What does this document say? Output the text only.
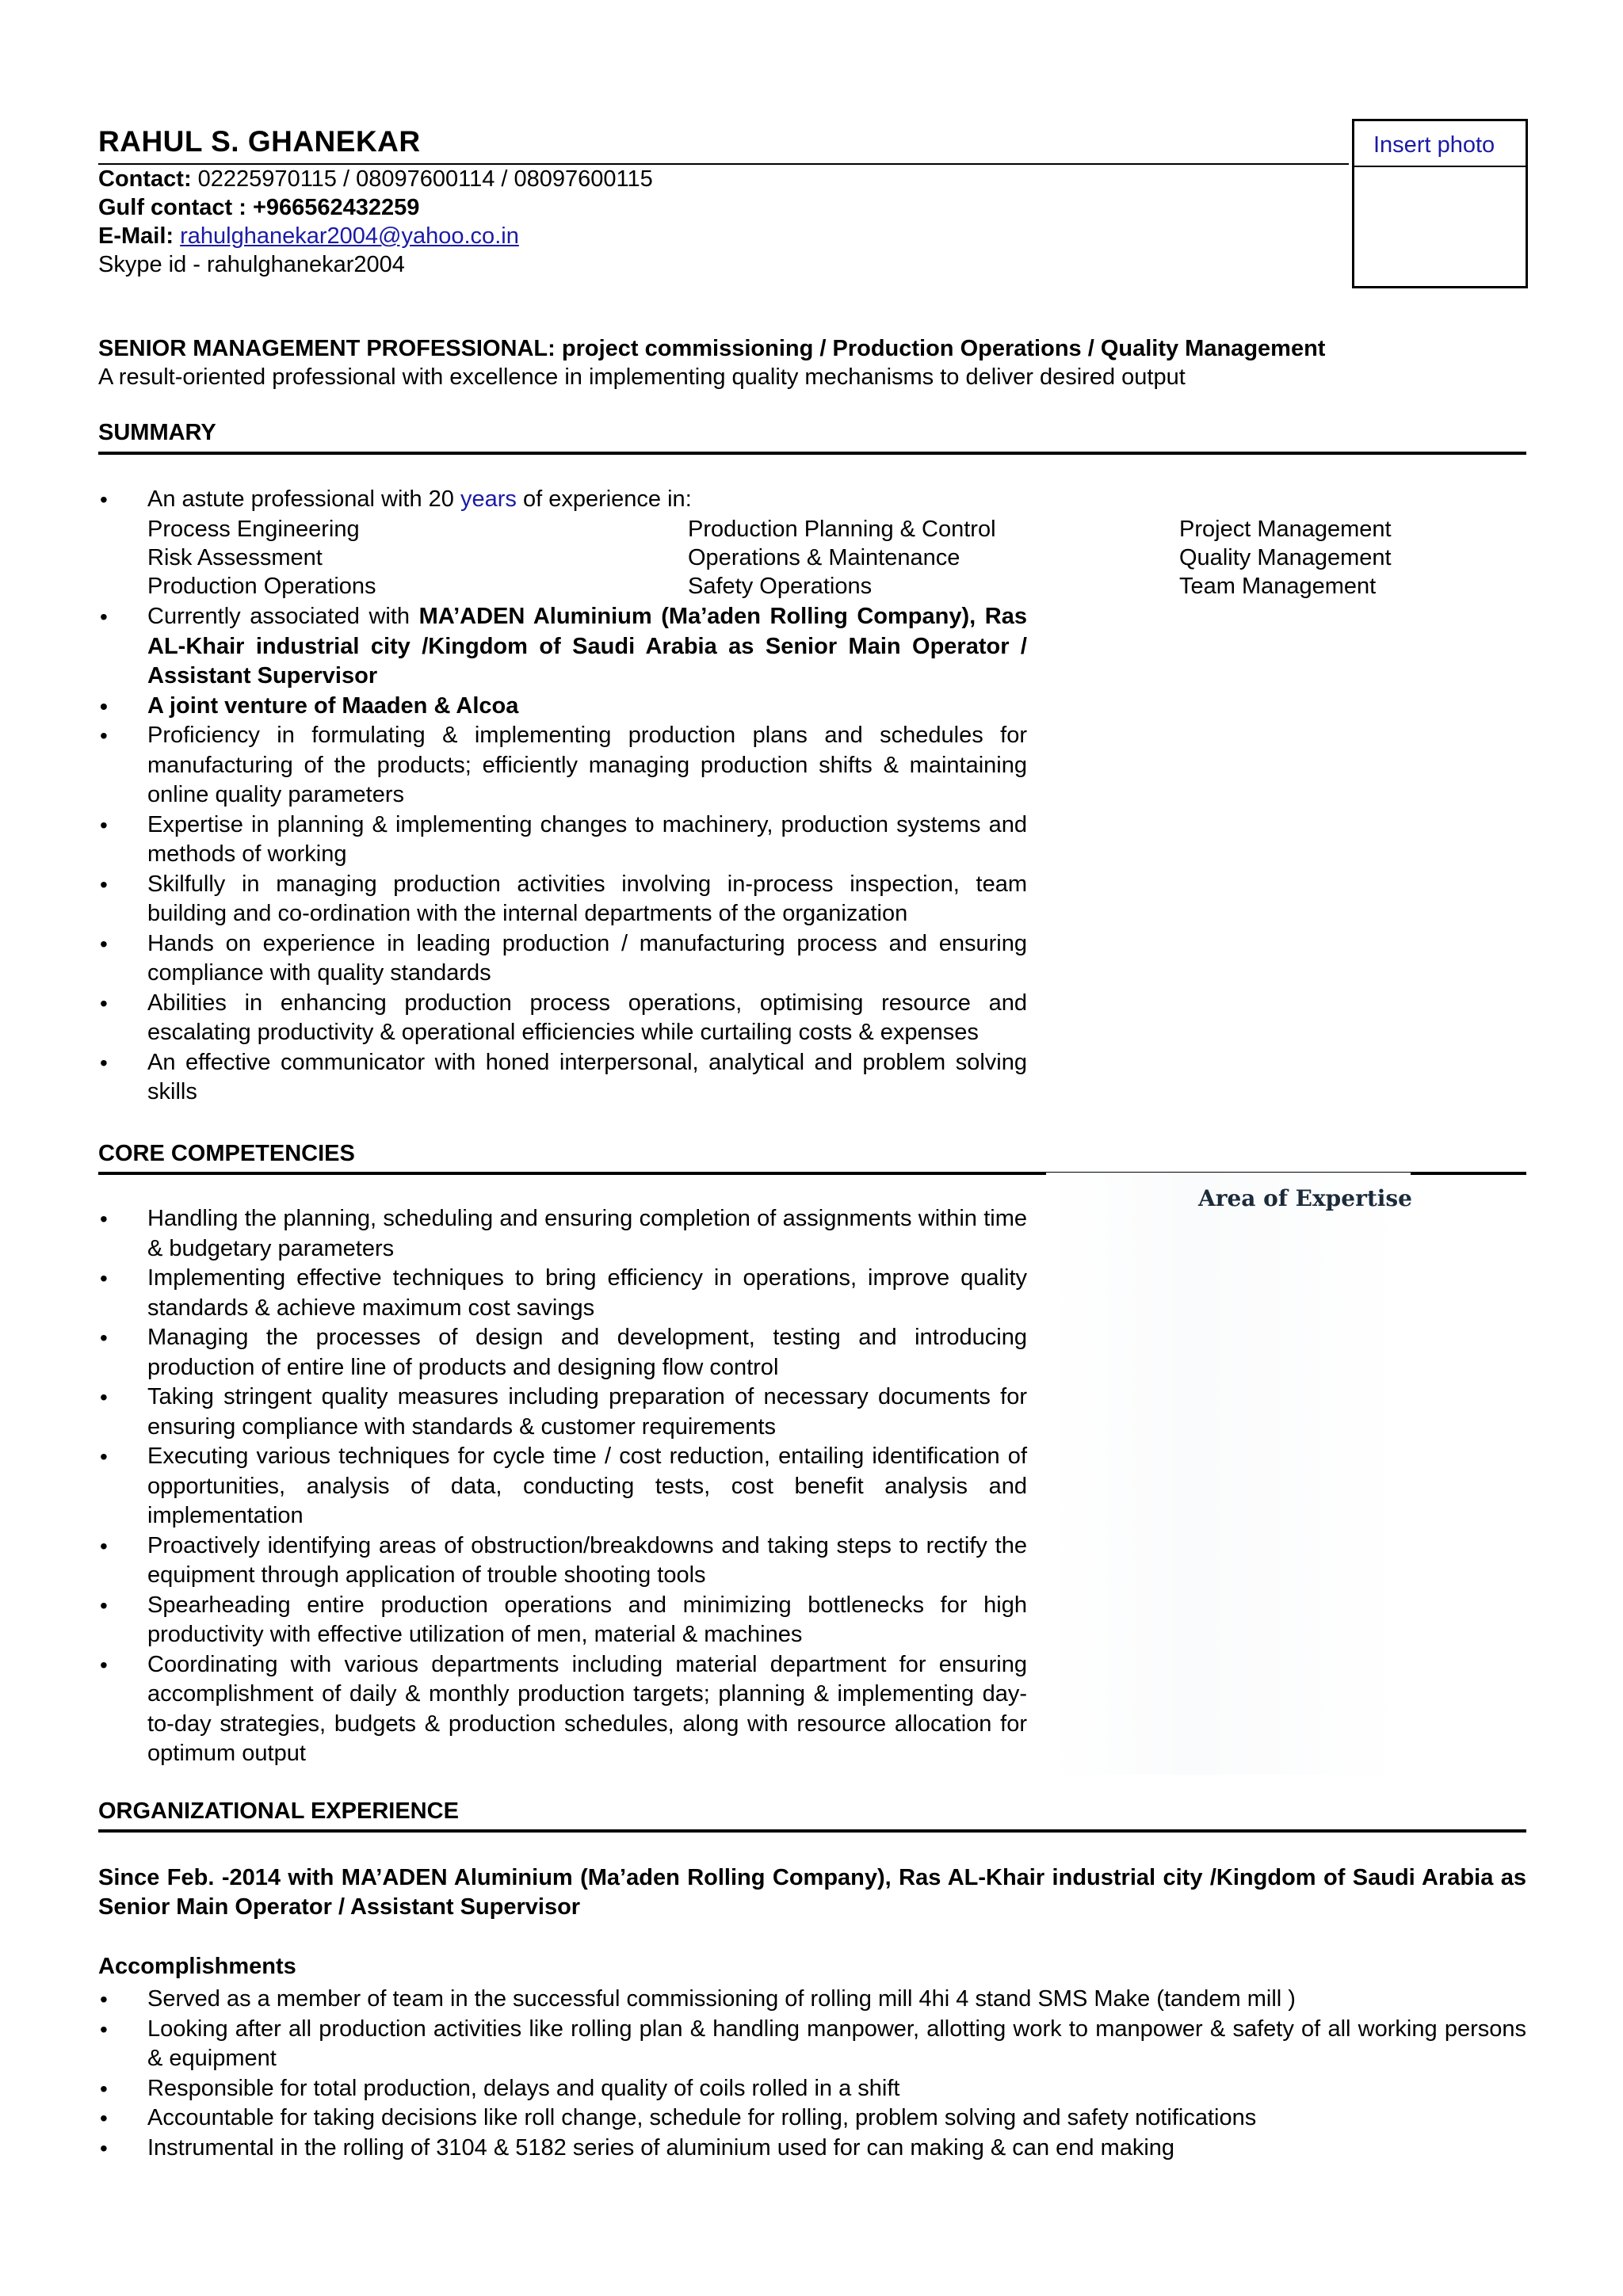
RAHUL S. GHANEKAR
Contact: 02225970115 / 08097600114 / 08097600115
Gulf contact : +966562432259
E-Mail: rahulghanekar2004@yahoo.co.in
Skype id - rahulghanekar2004
Insert photo
SENIOR MANAGEMENT PROFESSIONAL: project commissioning / Production Operations / Quality Management
A result-oriented professional with excellence in implementing quality mechanisms to deliver desired output
SUMMARY
• An astute professional with 20 years of experience in:
Process Engineering	Production Planning & Control	Project Management
Risk Assessment	Operations & Maintenance	Quality Management
Production Operations	Safety Operations	Team Management
• Currently associated with MA’ADEN Aluminium (Ma’aden Rolling Company), Ras AL-Khair industrial city /Kingdom of Saudi Arabia as Senior Main Operator / Assistant Supervisor
• A joint venture of Maaden & Alcoa
• Proficiency in formulating & implementing production plans and schedules for manufacturing of the products; efficiently managing production shifts & maintaining online quality parameters
• Expertise in planning & implementing changes to machinery, production systems and methods of working
• Skilfully in managing production activities involving in-process inspection, team building and co-ordination with the internal departments of the organization
• Hands on experience in leading production / manufacturing process and ensuring compliance with quality standards
• Abilities in enhancing production process operations, optimising resource and escalating productivity & operational efficiencies while curtailing costs & expenses
• An effective communicator with honed interpersonal, analytical and problem solving skills
CORE COMPETENCIES
Area of Expertise
• Handling the planning, scheduling and ensuring completion of assignments within time & budgetary parameters
• Implementing effective techniques to bring efficiency in operations, improve quality standards & achieve maximum cost savings
• Managing the processes of design and development, testing and introducing production of entire line of products and designing flow control
• Taking stringent quality measures including preparation of necessary documents for ensuring compliance with standards & customer requirements
• Executing various techniques for cycle time / cost reduction, entailing identification of opportunities, analysis of data, conducting tests, cost benefit analysis and implementation
• Proactively identifying areas of obstruction/breakdowns and taking steps to rectify the equipment through application of trouble shooting tools
• Spearheading entire production operations and minimizing bottlenecks for high productivity with effective utilization of men, material & machines
• Coordinating with various departments including material department for ensuring accomplishment of daily & monthly production targets; planning & implementing day-to-day strategies, budgets & production schedules, along with resource allocation for optimum output
ORGANIZATIONAL EXPERIENCE
Since Feb. -2014 with MA’ADEN Aluminium (Ma’aden Rolling Company), Ras AL-Khair industrial city /Kingdom of Saudi Arabia as Senior Main Operator / Assistant Supervisor
Accomplishments
• Served as a member of team in the successful commissioning of rolling mill 4hi 4 stand SMS Make (tandem mill )
• Looking after all production activities like rolling plan & handling manpower, allotting work to manpower & safety of all working persons & equipment
• Responsible for total production, delays and quality of coils rolled in a shift
• Accountable for taking decisions like roll change, schedule for rolling, problem solving and safety notifications
• Instrumental in the rolling of 3104 & 5182 series of aluminium used for can making & can end making
